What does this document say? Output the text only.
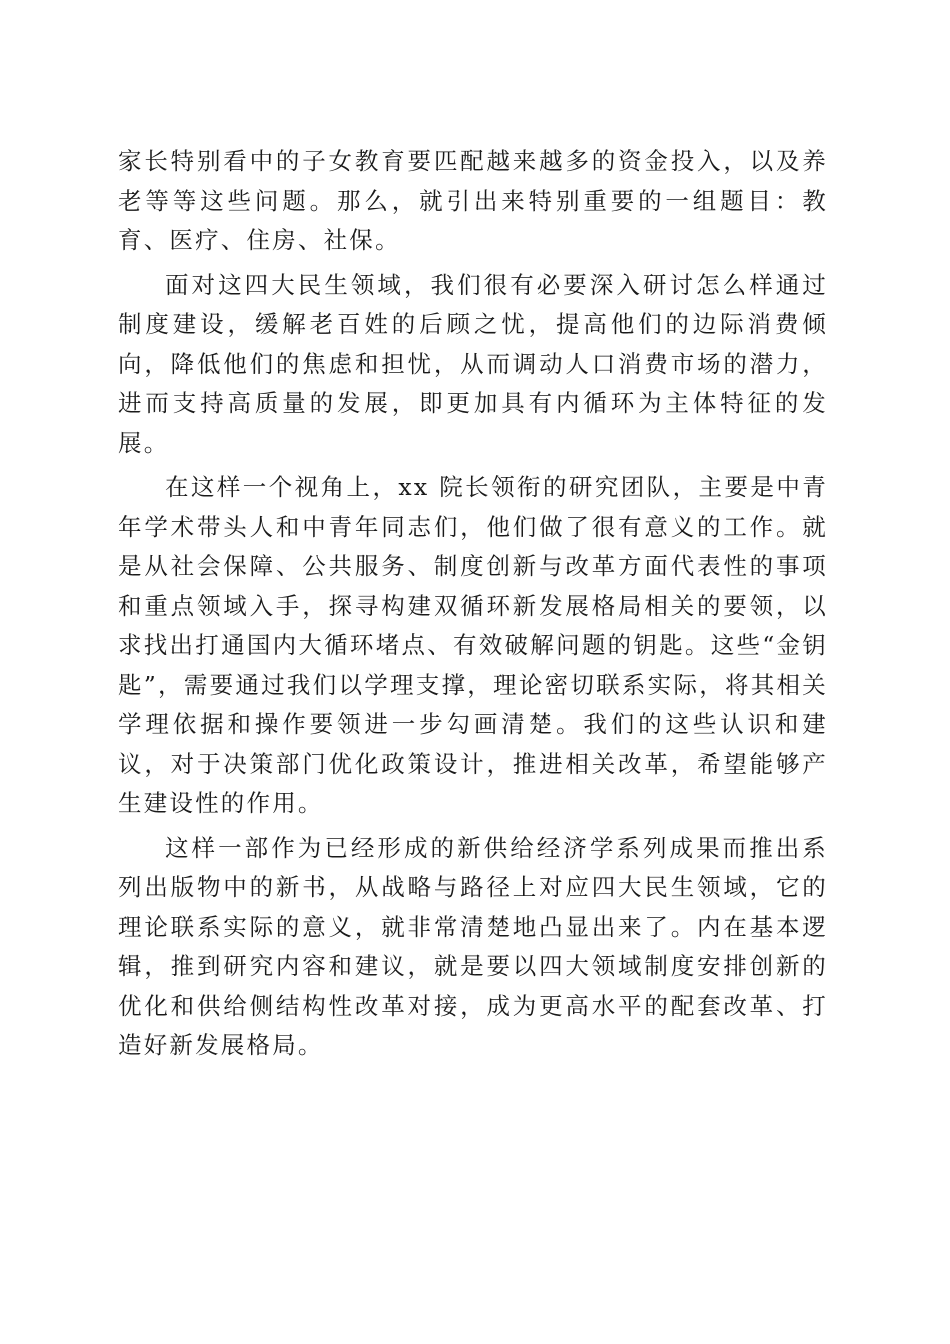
家长特别看中的子女教育要匹配越来越多的资金投入，以及养老等等这些问题。那么，就引出来特别重要的一组题目：教育、医疗、住房、社保。

面对这四大民生领域，我们很有必要深入研讨怎么样通过制度建设，缓解老百姓的后顾之忧，提高他们的边际消费倾向，降低他们的焦虑和担忧，从而调动人口消费市场的潜力，进而支持高质量的发展，即更加具有内循环为主体特征的发展。

在这样一个视角上，xx 院长领衔的研究团队，主要是中青年学术带头人和中青年同志们，他们做了很有意义的工作。就是从社会保障、公共服务、制度创新与改革方面代表性的事项和重点领域入手，探寻构建双循环新发展格局相关的要领，以求找出打通国内大循环堵点、有效破解问题的钥匙。这些“金钥匙”，需要通过我们以学理支撑，理论密切联系实际，将其相关学理依据和操作要领进一步勾画清楚。我们的这些认识和建议，对于决策部门优化政策设计，推进相关改革，希望能够产生建设性的作用。

这样一部作为已经形成的新供给经济学系列成果而推出系列出版物中的新书，从战略与路径上对应四大民生领域，它的理论联系实际的意义，就非常清楚地凸显出来了。内在基本逻辑，推到研究内容和建议，就是要以四大领域制度安排创新的优化和供给侧结构性改革对接，成为更高水平的配套改革、打造好新发展格局。
